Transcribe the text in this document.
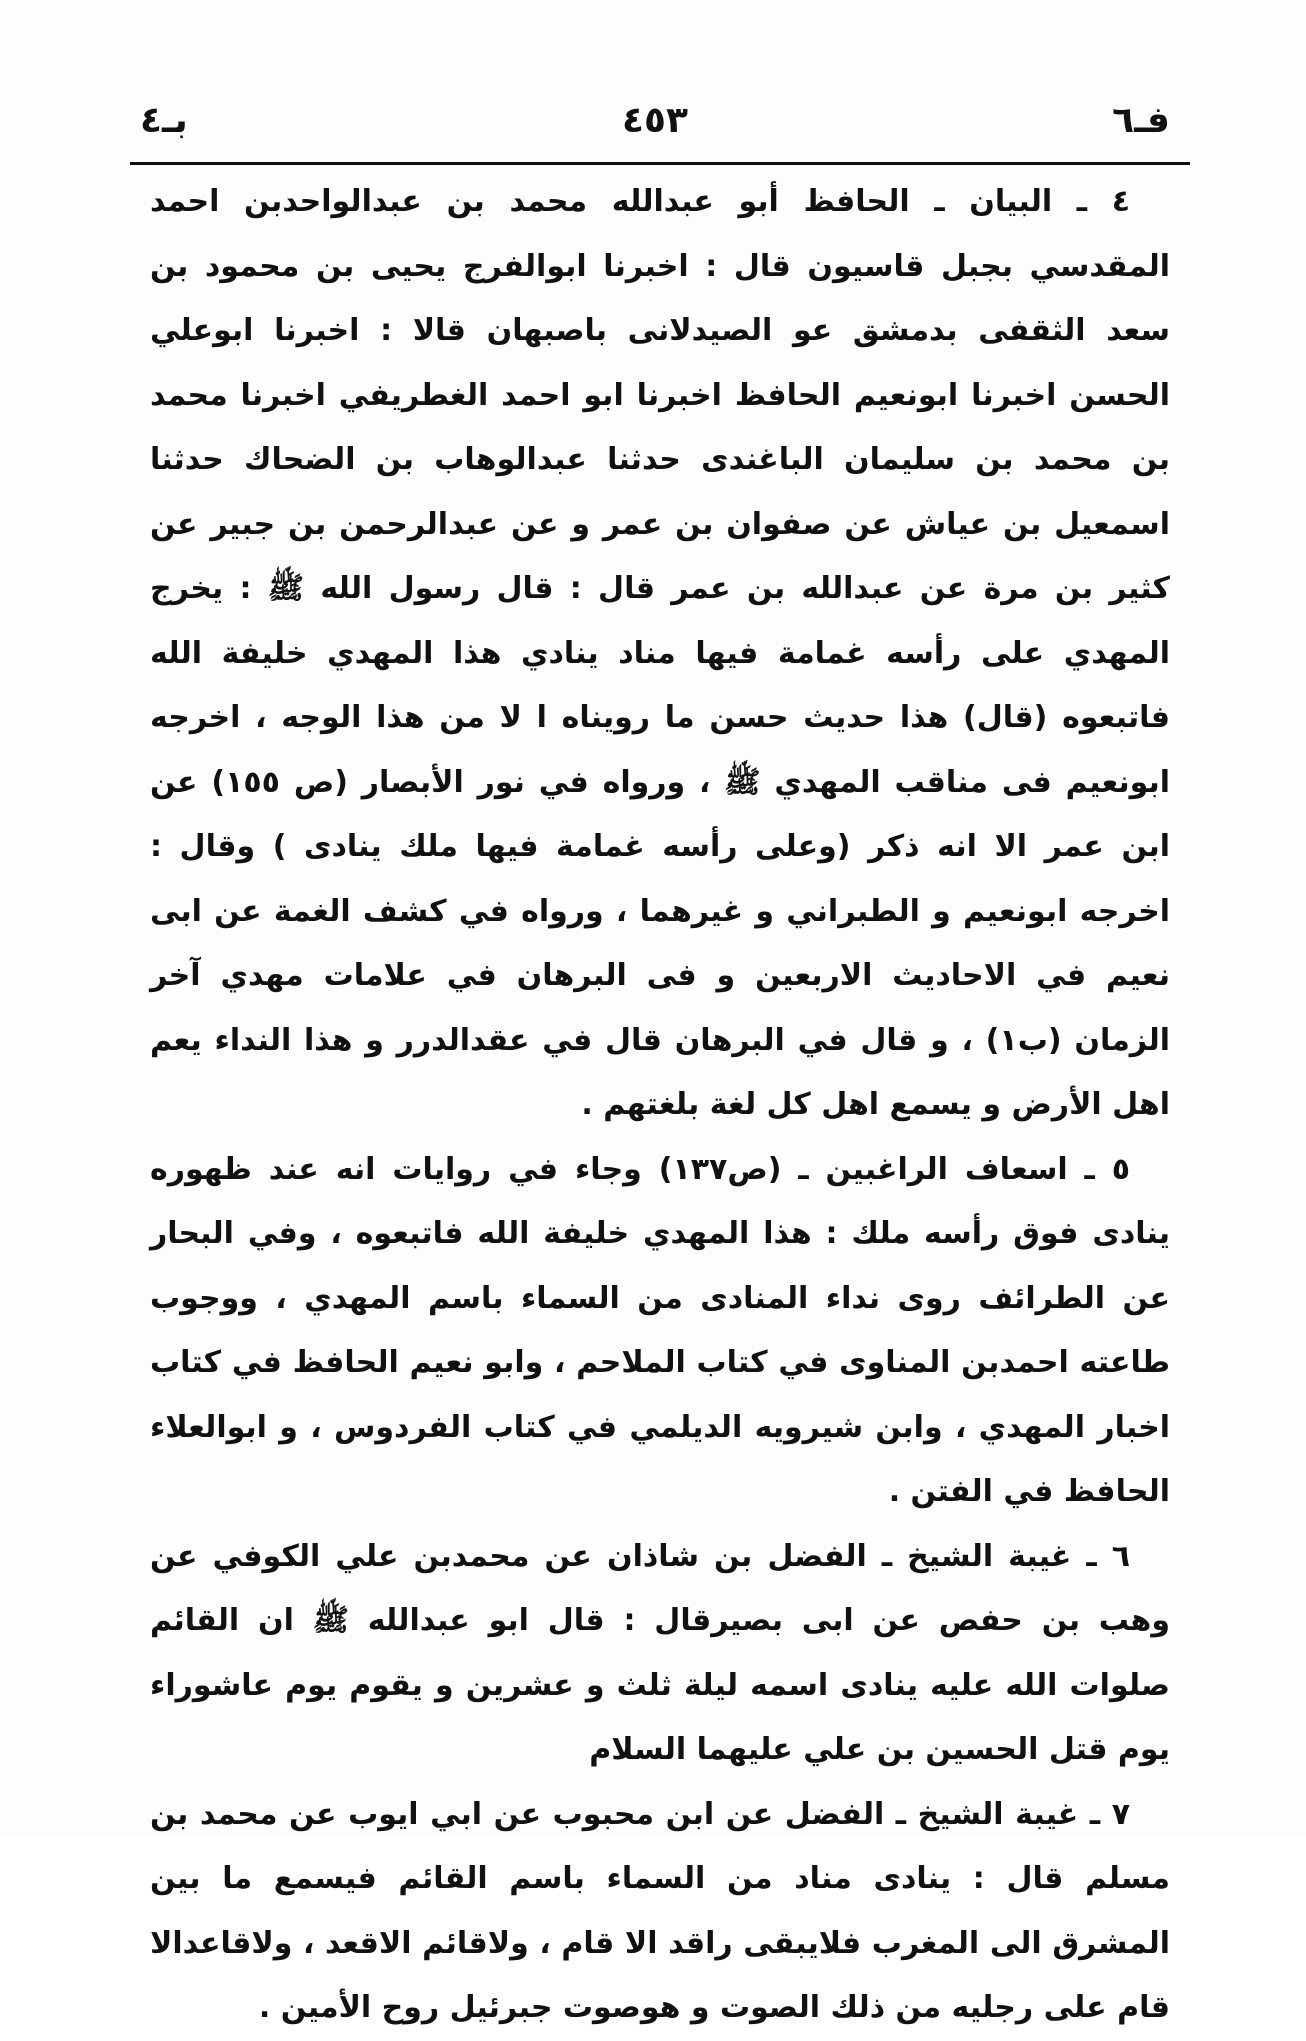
فـ٦
٤٥٣
بـ٤

٤ ـ البيان ـ الحافظ أبو عبدالله محمد بن عبدالواحدبن احمد المقدسي بجبل قاسيون قال : اخبرنا ابوالفرج يحيى بن محمود بن سعد الثقفى بدمشق عو الصيدلانى باصبهان قالا : اخبرنا ابوعلي الحسن اخبرنا ابونعيم الحافظ اخبرنا ابو احمد الغطريفي اخبرنا محمد بن محمد بن سليمان الباغندى حدثنا عبدالوهاب بن الضحاك حدثنا اسمعيل بن عياش عن صفوان بن عمر و عن عبدالرحمن بن جبير عن كثير بن مرة عن عبدالله بن عمر قال : قال رسول الله ﷺ : يخرج المهدي على رأسه غمامة فيها مناد ينادي هذا المهدي خليفة الله فاتبعوه (قال) هذا حديث حسن ما رويناه ا لا من هذا الوجه ، اخرجه ابونعيم فى مناقب المهدي ﷺ ، ورواه في نور الأبصار (ص ١٥٥) عن ابن عمر الا انه ذكر (وعلى رأسه غمامة فيها ملك ينادى ) وقال : اخرجه ابونعيم و الطبراني و غيرهما ، ورواه في كشف الغمة عن ابى نعيم في الاحاديث الاربعين و فى البرهان في علامات مهدي آخر الزمان (ب١) ، و قال في البرهان قال في عقدالدرر و هذا النداء يعم اهل الأرض و يسمع اهل كل لغة بلغتهم .

٥ ـ اسعاف الراغبين ـ (ص١٣٧) وجاء في روايات انه عند ظهوره ينادى فوق رأسه ملك : هذا المهدي خليفة الله فاتبعوه ، وفي البحار عن الطرائف روى نداء المنادى من السماء باسم المهدي ، ووجوب طاعته احمدبن المناوى في كتاب الملاحم ، وابو نعيم الحافظ في كتاب اخبار المهدي ، وابن شيرويه الديلمي في كتاب الفردوس ، و ابوالعلاء الحافظ في الفتن .

٦ ـ غيبة الشيخ ـ الفضل بن شاذان عن محمدبن علي الكوفي عن وهب بن حفص عن ابى بصيرقال : قال ابو عبدالله ﷺ ان القائم صلوات الله عليه ينادى اسمه ليلة ثلث و عشرين و يقوم يوم عاشوراء يوم قتل الحسين بن علي عليهما السلام

٧ ـ غيبة الشيخ ـ الفضل عن ابن محبوب عن ابي ايوب عن محمد بن مسلم قال : ينادى مناد من السماء باسم القائم فيسمع ما بين المشرق الى المغرب فلايبقى راقد الا قام ، ولاقائم الاقعد ، ولاقاعدالا قام على رجليه من ذلك الصوت و هوصوت جبرئيل روح الأمين .
